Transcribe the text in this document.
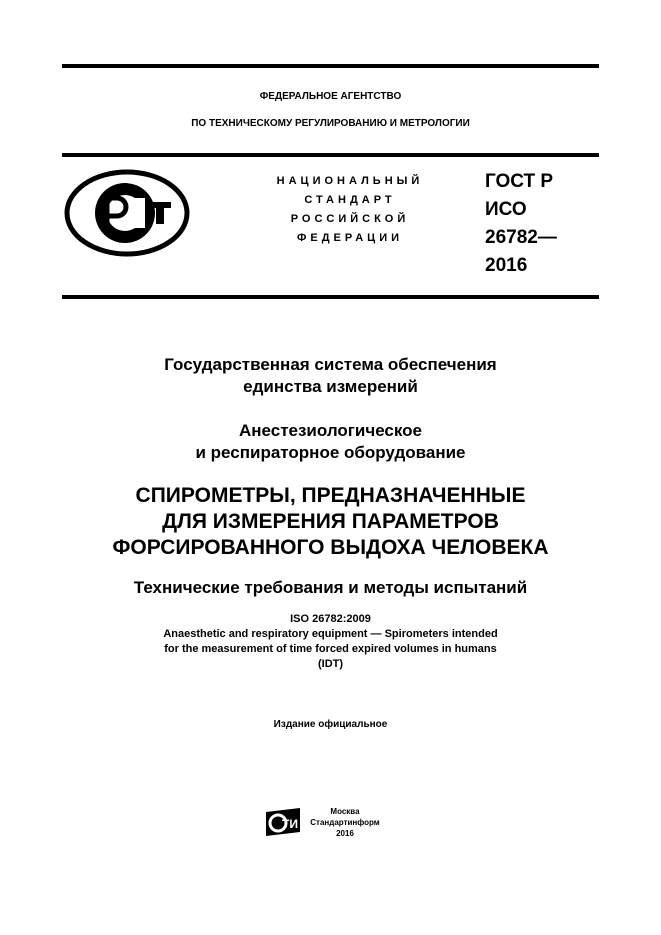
ФЕДЕРАЛЬНОЕ АГЕНТСТВО
ПО ТЕХНИЧЕСКОМУ РЕГУЛИРОВАНИЮ И МЕТРОЛОГИИ
НАЦИОНАЛЬНЫЙ
СТАНДАРТ
РОССИЙСКОЙ
ФЕДЕРАЦИИ
ГОСТ Р
ИСО
26782—
2016
Государственная система обеспечения
единства измерений
Анестезиологическое
и респираторное оборудование
СПИРОМЕТРЫ, ПРЕДНАЗНАЧЕННЫЕ
ДЛЯ ИЗМЕРЕНИЯ ПАРАМЕТРОВ
ФОРСИРОВАННОГО ВЫДОХА ЧЕЛОВЕКА
Технические требования и методы испытаний
ISO 26782:2009
Anaesthetic and respiratory equipment — Spirometers intended
for the measurement of time forced expired volumes in humans
(IDT)
Издание официальное
ТИ
Москва
Стандартинформ
2016
